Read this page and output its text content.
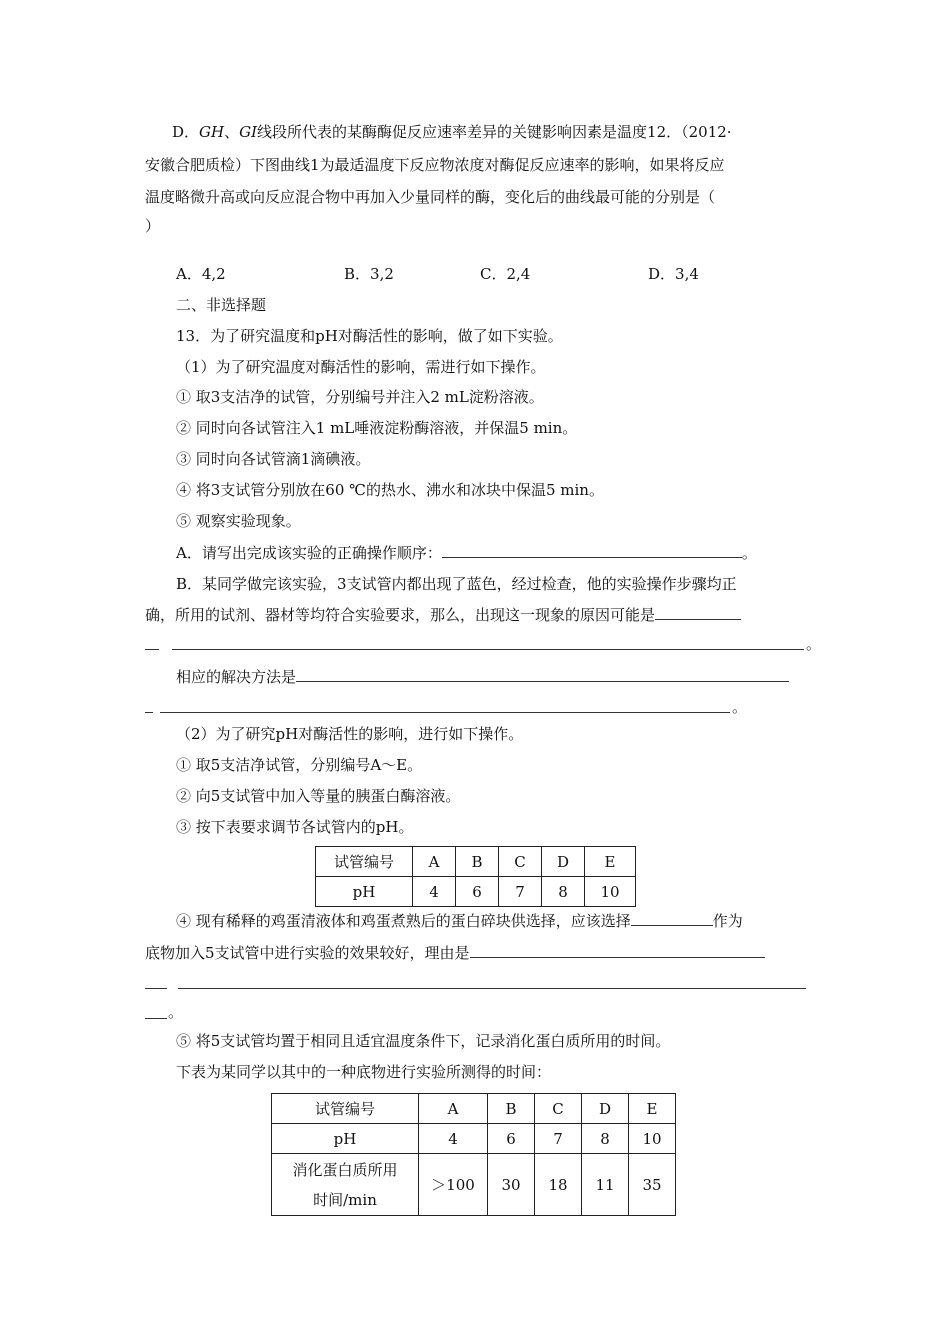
D．GH、GI线段所代表的某酶酶促反应速率差异的关键影响因素是温度12．（2012·
安徽合肥质检）下图曲线1为最适温度下反应物浓度对酶促反应速率的影响，如果将反应
温度略微升高或向反应混合物中再加入少量同样的酶，变化后的曲线最可能的分别是（
）
A．4,2	B．3,2	C．2,4	D．3,4
二、非选择题
13．为了研究温度和pH对酶活性的影响，做了如下实验。
（1）为了研究温度对酶活性的影响，需进行如下操作。
① 取3支洁净的试管，分别编号并注入2 mL淀粉溶液。
② 同时向各试管注入1 mL唾液淀粉酶溶液，并保温5 min。
③ 同时向各试管滴1滴碘液。
④ 将3支试管分别放在60 ℃的热水、沸水和冰块中保温5 min。
⑤ 观察实验现象。
A．请写出完成该实验的正确操作顺序：	。
B．某同学做完该实验，3支试管内都出现了蓝色，经过检查，他的实验操作步骤均正
确，所用的试剂、器材等均符合实验要求，那么，出现这一现象的原因可能是
。
相应的解决方法是
。
（2）为了研究pH对酶活性的影响，进行如下操作。
① 取5支洁净试管，分别编号A～E。
② 向5支试管中加入等量的胰蛋白酶溶液。
③ 按下表要求调节各试管内的pH。
试管编号	A	B	C	D	E
pH	4	6	7	8	10
④ 现有稀释的鸡蛋清液体和鸡蛋煮熟后的蛋白碎块供选择，应该选择	作为
底物加入5支试管中进行实验的效果较好，理由是
。
⑤ 将5支试管均置于相同且适宜温度条件下，记录消化蛋白质所用的时间。
下表为某同学以其中的一种底物进行实验所测得的时间：
试管编号	A	B	C	D	E
pH	4	6	7	8	10

消化蛋白质所用
时间/min	＞100	30	18	11	35
